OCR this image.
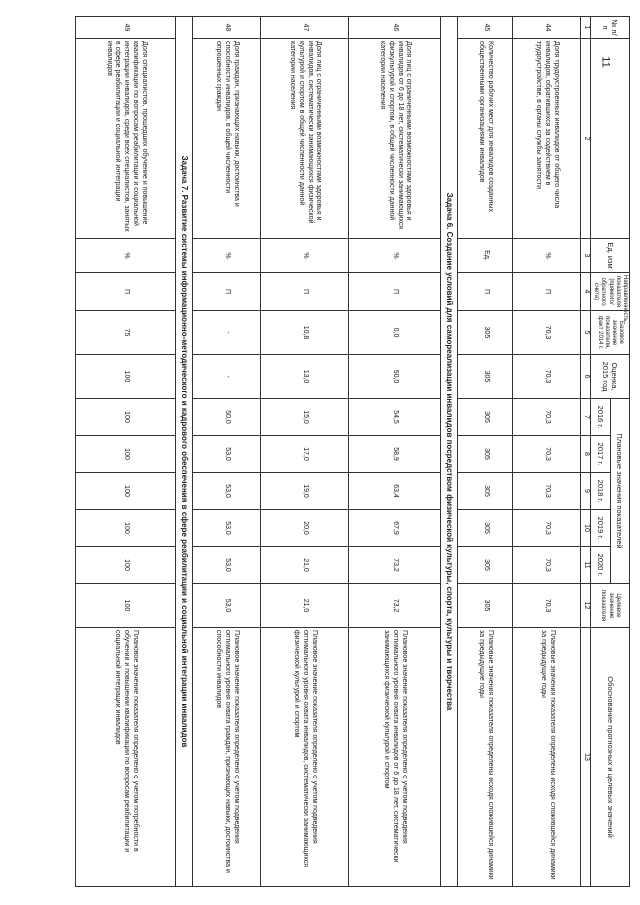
11
№ п/п		Ед. изм	Направленность показателя (прямого/обратного счета)	Базовое значение показателя, факт 2014 г.	Оценка, 2015 год	Плановые значения показателей					Целевое значение показателя	Обоснование прогнозных и целевых значений
						2016 г.	2017 г.	2018 г.	2019 г.	2020 г.		
1	2	3	4	5	6	7	8	9	10	11	12	13
44	Доля трудоустроенных инвалидов от общего числа инвалидов, обратившихся за содействием в трудоустройстве, в органы службы занятости	%	П	70,3	70,3	70,3	70,3	70,3	70,3	70,3	70,3	Плановые значения показателя определены исходя сложившейся динамики за предыдущие годы
45	Количество рабочих мест для инвалидов созданных общественными организациями инвалидов	Ед.	П	305	305	305	305	305	305	305	305	Плановые значения показателя определены исходя сложившейся динамики за предыдущие годы
Задача 6. Создание условий для самореализации инвалидов посредством физической культуры, спорта, культуры и творчества												
46	Доля лиц с ограниченными возможностями здоровья и инвалидов от 6 до 18 лет, систематически занимающихся физкультурой и спортом, в общей численности данной категории населения	%	П	0,0	50,0	54,5	58,9	63,4	67,9	73,2	73,2	Плановое значение показателя определено с учетом подведения оптимального уровня охвата инвалидов от 6 до 18 лет, систематически занимающихся физической культурой и спортом
47	Доля лиц с ограниченными возможностями здоровья и инвалидов, систематически занимающихся физической культурой и спортом в общей численности данной категории населения	%	П	10,8	13,0	15,0	17,0	19,0	20,0	21,0	21,0	Плановое значение показателя определено с учетом подведения оптимального уровня охвата инвалидов, систематически занимающихся физической культурой и спортом
48	Доля граждан, признающих навыки, достоинства и способности инвалидов, в общей численности опрошенных граждан	%	П	-	-	50,0	53,0	53,0	53,0	53,0	53,0	Плановое значение показателя определено с учетом подведения оптимального уровня охвата граждан, признающих навыки, достоинства и способности инвалидов
Задача 7. Развитие системы информационно-методического и кадрового обеспечения в сфере реабилитации и социальной интеграции инвалидов												
49	Доля специалистов, прошедших обучение и повышение квалификации по вопросам реабилитации и социальной интеграции инвалидов, среди всех специалистов, занятых в сфере реабилитации и социальной интеграции инвалидов	%	П	75	100	100	100	100	100	100	100	Плановое значение показателя определено с учетом потребности в обучении и повышении квалификации по вопросам реабилитации и социальной интеграции инвалидов
